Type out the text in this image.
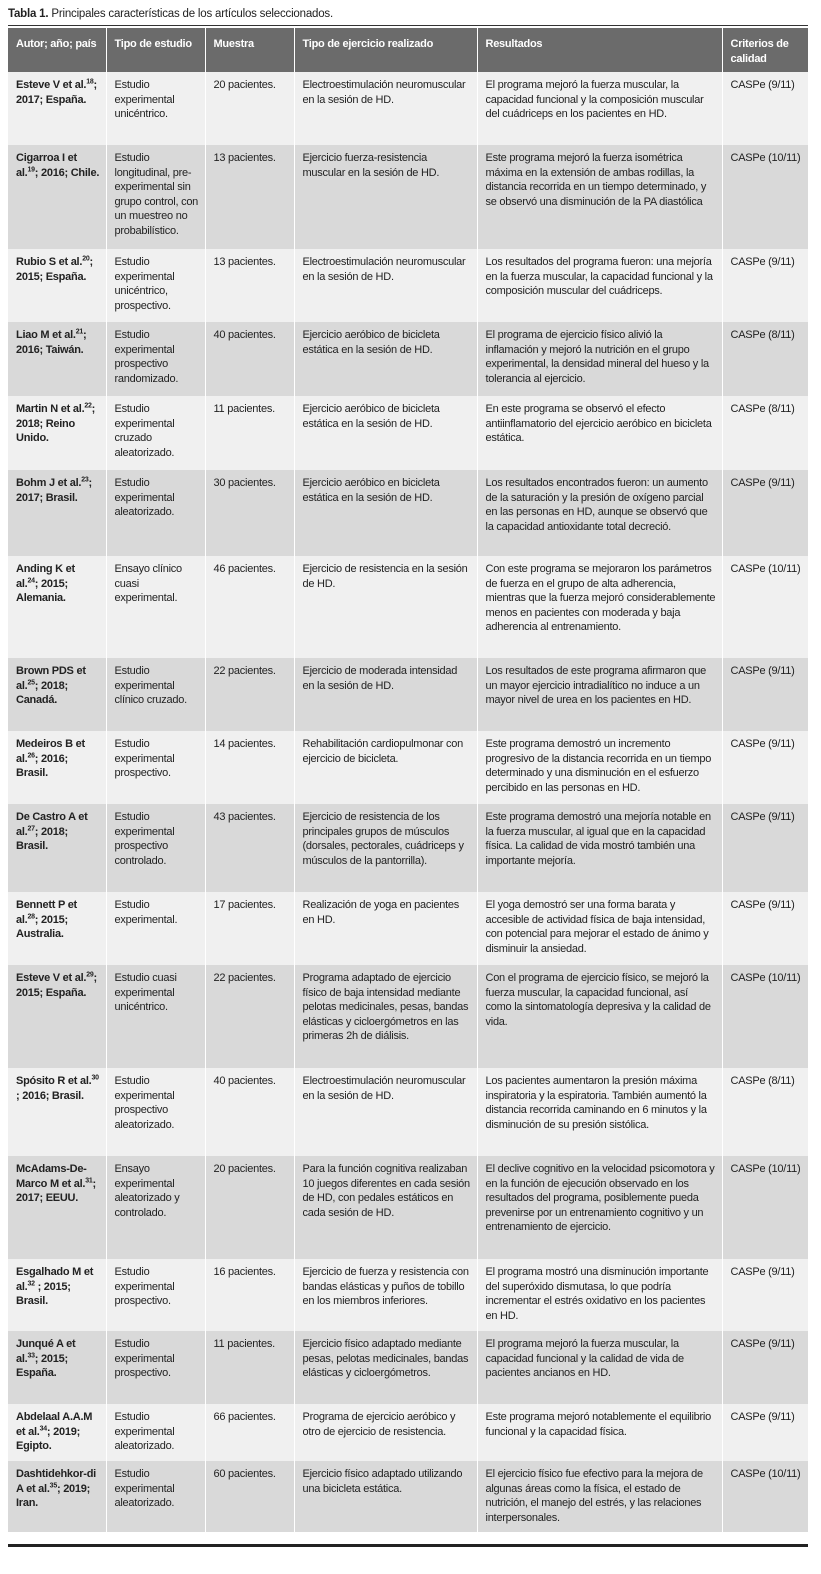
Tabla 1. Principales características de los artículos seleccionados.
Autor; año; país	Tipo de estudio	Muestra	Tipo de ejercicio realizado	Resultados	Criterios de calidad
Esteve V et al.$^{18}$; 2017; España.	Estudio experimental unicéntrico.	20 pacientes.	Electroestimulación neuromuscular en la sesión de HD.	El programa mejoró la fuerza muscular, la capacidad funcional y la composición muscular del cuádriceps en los pacientes en HD.	CASPe (9/11)
Cigarroa I et al.$^{19}$; 2016; Chile.	Estudio longitudinal, pre-experimental sin grupo control, con un muestreo no probabilístico.	13 pacientes.	Ejercicio fuerza-resistencia muscular en la sesión de HD.	Este programa mejoró la fuerza isométrica máxima en la extensión de ambas rodillas, la distancia recorrida en un tiempo determinado, y se observó una disminución de la PA diastólica	CASPe (10/11)
Rubio S et al.$^{20}$; 2015; España.	Estudio experimental unicéntrico, prospectivo.	13 pacientes.	Electroestimulación neuromuscular en la sesión de HD.	Los resultados del programa fueron: una mejoría en la fuerza muscular, la capacidad funcional y la composición muscular del cuádriceps.	CASPe (9/11)
Liao M et al.$^{21}$; 2016; Taiwán.	Estudio experimental prospectivo randomizado.	40 pacientes.	Ejercicio aeróbico de bicicleta estática en la sesión de HD.	El programa de ejercicio físico alivió la inflamación y mejoró la nutrición en el grupo experimental, la densidad mineral del hueso y la tolerancia al ejercicio.	CASPe (8/11)
Martin N et al.$^{22}$; 2018; Reino Unido.	Estudio experimental cruzado aleatorizado.	11 pacientes.	Ejercicio aeróbico de bicicleta estática en la sesión de HD.	En este programa se observó el efecto antiinflamatorio del ejercicio aeróbico en bicicleta estática.	CASPe (8/11)
Bohm J et al.$^{23}$; 2017; Brasil.	Estudio experimental aleatorizado.	30 pacientes.	Ejercicio aeróbico en bicicleta estática en la sesión de HD.	Los resultados encontrados fueron: un aumento de la saturación y la presión de oxígeno parcial en las personas en HD, aunque se observó que la capacidad antioxidante total decreció.	CASPe (9/11)
Anding K et al.$^{24}$; 2015; Alemania.	Ensayo clínico cuasi experimental.	46 pacientes.	Ejercicio de resistencia en la sesión de HD.	Con este programa se mejoraron los parámetros de fuerza en el grupo de alta adherencia, mientras que la fuerza mejoró considerablemente menos en pacientes con moderada y baja adherencia al entrenamiento.	CASPe (10/11)
Brown PDS et al.$^{25}$; 2018; Canadá.	Estudio experimental clínico cruzado.	22 pacientes.	Ejercicio de moderada intensidad en la sesión de HD.	Los resultados de este programa afirmaron que un mayor ejercicio intradialítico no induce a un mayor nivel de urea en los pacientes en HD.	CASPe (9/11)
Medeiros B et al.$^{26}$; 2016; Brasil.	Estudio experimental prospectivo.	14 pacientes.	Rehabilitación cardiopulmonar con ejercicio de bicicleta.	Este programa demostró un incremento progresivo de la distancia recorrida en un tiempo determinado y una disminución en el esfuerzo percibido en las personas en HD.	CASPe (9/11)
De Castro A et al.$^{27}$; 2018; Brasil.	Estudio experimental prospectivo controlado.	43 pacientes.	Ejercicio de resistencia de los principales grupos de músculos (dorsales, pectorales, cuádriceps y músculos de la pantorrilla).	Este programa demostró una mejoría notable en la fuerza muscular, al igual que en la capacidad física. La calidad de vida mostró también una importante mejoría.	CASPe (9/11)
Bennett P et al.$^{28}$; 2015; Australia.	Estudio experimental.	17 pacientes.	Realización de yoga en pacientes en HD.	El yoga demostró ser una forma barata y accesible de actividad física de baja intensidad, con potencial para mejorar el estado de ánimo y disminuir la ansiedad.	CASPe (9/11)
Esteve V et al.$^{29}$; 2015; España.	Estudio cuasi experimental unicéntrico.	22 pacientes.	Programa adaptado de ejercicio físico de baja intensidad mediante pelotas medicinales, pesas, bandas elásticas y cicloergómetros en las primeras 2h de diálisis.	Con el programa de ejercicio físico, se mejoró la fuerza muscular, la capacidad funcional, así como la sintomatología depresiva y la calidad de vida.	CASPe (10/11)
Spósito R et al.$^{30}$ ; 2016; Brasil.	Estudio experimental prospectivo aleatorizado.	40 pacientes.	Electroestimulación neuromuscular en la sesión de HD.	Los pacientes aumentaron la presión máxima inspiratoria y la espiratoria. También aumentó la distancia recorrida caminando en 6 minutos y la disminución de su presión sistólica.	CASPe (8/11)
McAdams-De-Marco M et al.$^{31}$; 2017; EEUU.	Ensayo experimental aleatorizado y controlado.	20 pacientes.	Para la función cognitiva realizaban 10 juegos diferentes en cada sesión de HD, con pedales estáticos en cada sesión de HD.	El declive cognitivo en la velocidad psicomotora y en la función de ejecución observado en los resultados del programa, posiblemente pueda prevenirse por un entrenamiento cognitivo y un entrenamiento de ejercicio.	CASPe (10/11)
Esgalhado M et al.$^{32}$ ; 2015; Brasil.	Estudio experimental prospectivo.	16 pacientes.	Ejercicio de fuerza y resistencia con bandas elásticas y puños de tobillo en los miembros inferiores.	El programa mostró una disminución importante del superóxido dismutasa, lo que podría incrementar el estrés oxidativo en los pacientes en HD.	CASPe (9/11)
Junqué A et al.$^{33}$; 2015; España.	Estudio experimental prospectivo.	11 pacientes.	Ejercicio físico adaptado mediante pesas, pelotas medicinales, bandas elásticas y cicloergómetros.	El programa mejoró la fuerza muscular, la capacidad funcional y la calidad de vida de pacientes ancianos en HD.	CASPe (9/11)
Abdelaal A.A.M et al.$^{34}$; 2019; Egipto.	Estudio experimental aleatorizado.	66 pacientes.	Programa de ejercicio aeróbico y otro de ejercicio de resistencia.	Este programa mejoró notablemente el equilibrio funcional y la capacidad física.	CASPe (9/11)
Dashtidehkor-di A et al.$^{35}$; 2019; Iran.	Estudio experimental aleatorizado.	60 pacientes.	Ejercicio físico adaptado utilizando una bicicleta estática.	El ejercicio físico fue efectivo para la mejora de algunas áreas como la física, el estado de nutrición, el manejo del estrés, y las relaciones interpersonales.	CASPe (10/11)
